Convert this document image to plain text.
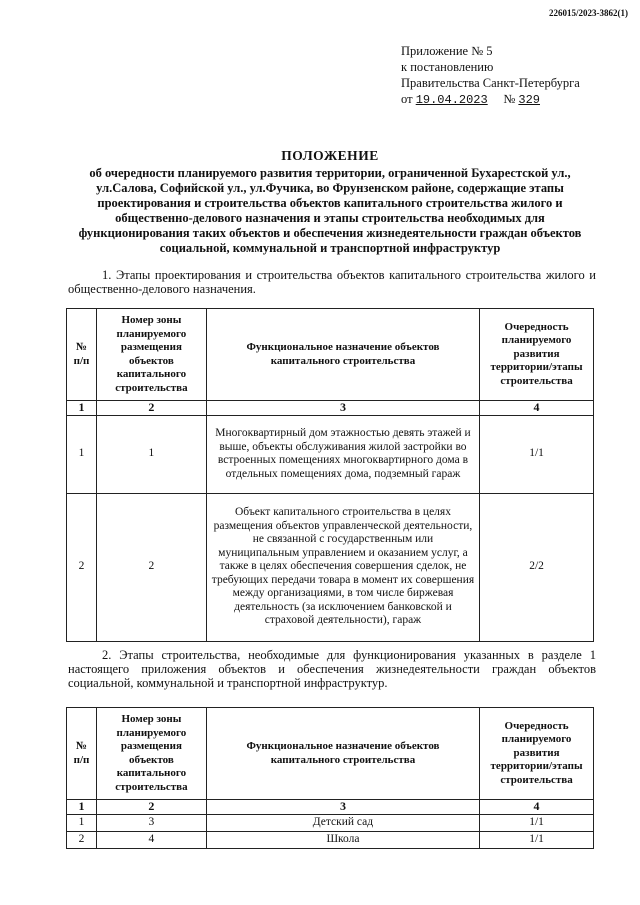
226015/2023-3862(1)
Приложение № 5
к постановлению
Правительства Санкт-Петербурга
от 19.04.2023 № 329
ПОЛОЖЕНИЕ
об очередности планируемого развития территории, ограниченной Бухарестской ул., ул.Салова, Софийской ул., ул.Фучика, во Фрунзенском районе, содержащие этапы проектирования и строительства объектов капитального строительства жилого и общественно-делового назначения и этапы строительства необходимых для функционирования таких объектов и обеспечения жизнедеятельности граждан объектов социальной, коммунальной и транспортной инфраструктур
1. Этапы проектирования и строительства объектов капитального строительства жилого и общественно-делового назначения.
№ п/п	Номер зоны планируемого размещения объектов капитального строительства	Функциональное назначение объектов капитального строительства	Очередность планируемого развития территории/этапы строительства
1	2	3	4
1	1	Многоквартирный дом этажностью девять этажей и выше, объекты обслуживания жилой застройки во встроенных помещениях многоквартирного дома в отдельных помещениях дома, подземный гараж	1/1
2	2	Объект капитального строительства в целях размещения объектов управленческой деятельности, не связанной с государственным или муниципальным управлением и оказанием услуг, а также в целях обеспечения совершения сделок, не требующих передачи товара в момент их совершения между организациями, в том числе биржевая деятельность (за исключением банковской и страховой деятельности), гараж	2/2
2. Этапы строительства, необходимые для функционирования указанных в разделе 1 настоящего приложения объектов и обеспечения жизнедеятельности граждан объектов социальной, коммунальной и транспортной инфраструктур.
№ п/п	Номер зоны планируемого размещения объектов капитального строительства	Функциональное назначение объектов капитального строительства	Очередность планируемого развития территории/этапы строительства
1	2	3	4
1	3	Детский сад	1/1
2	4	Школа	1/1
